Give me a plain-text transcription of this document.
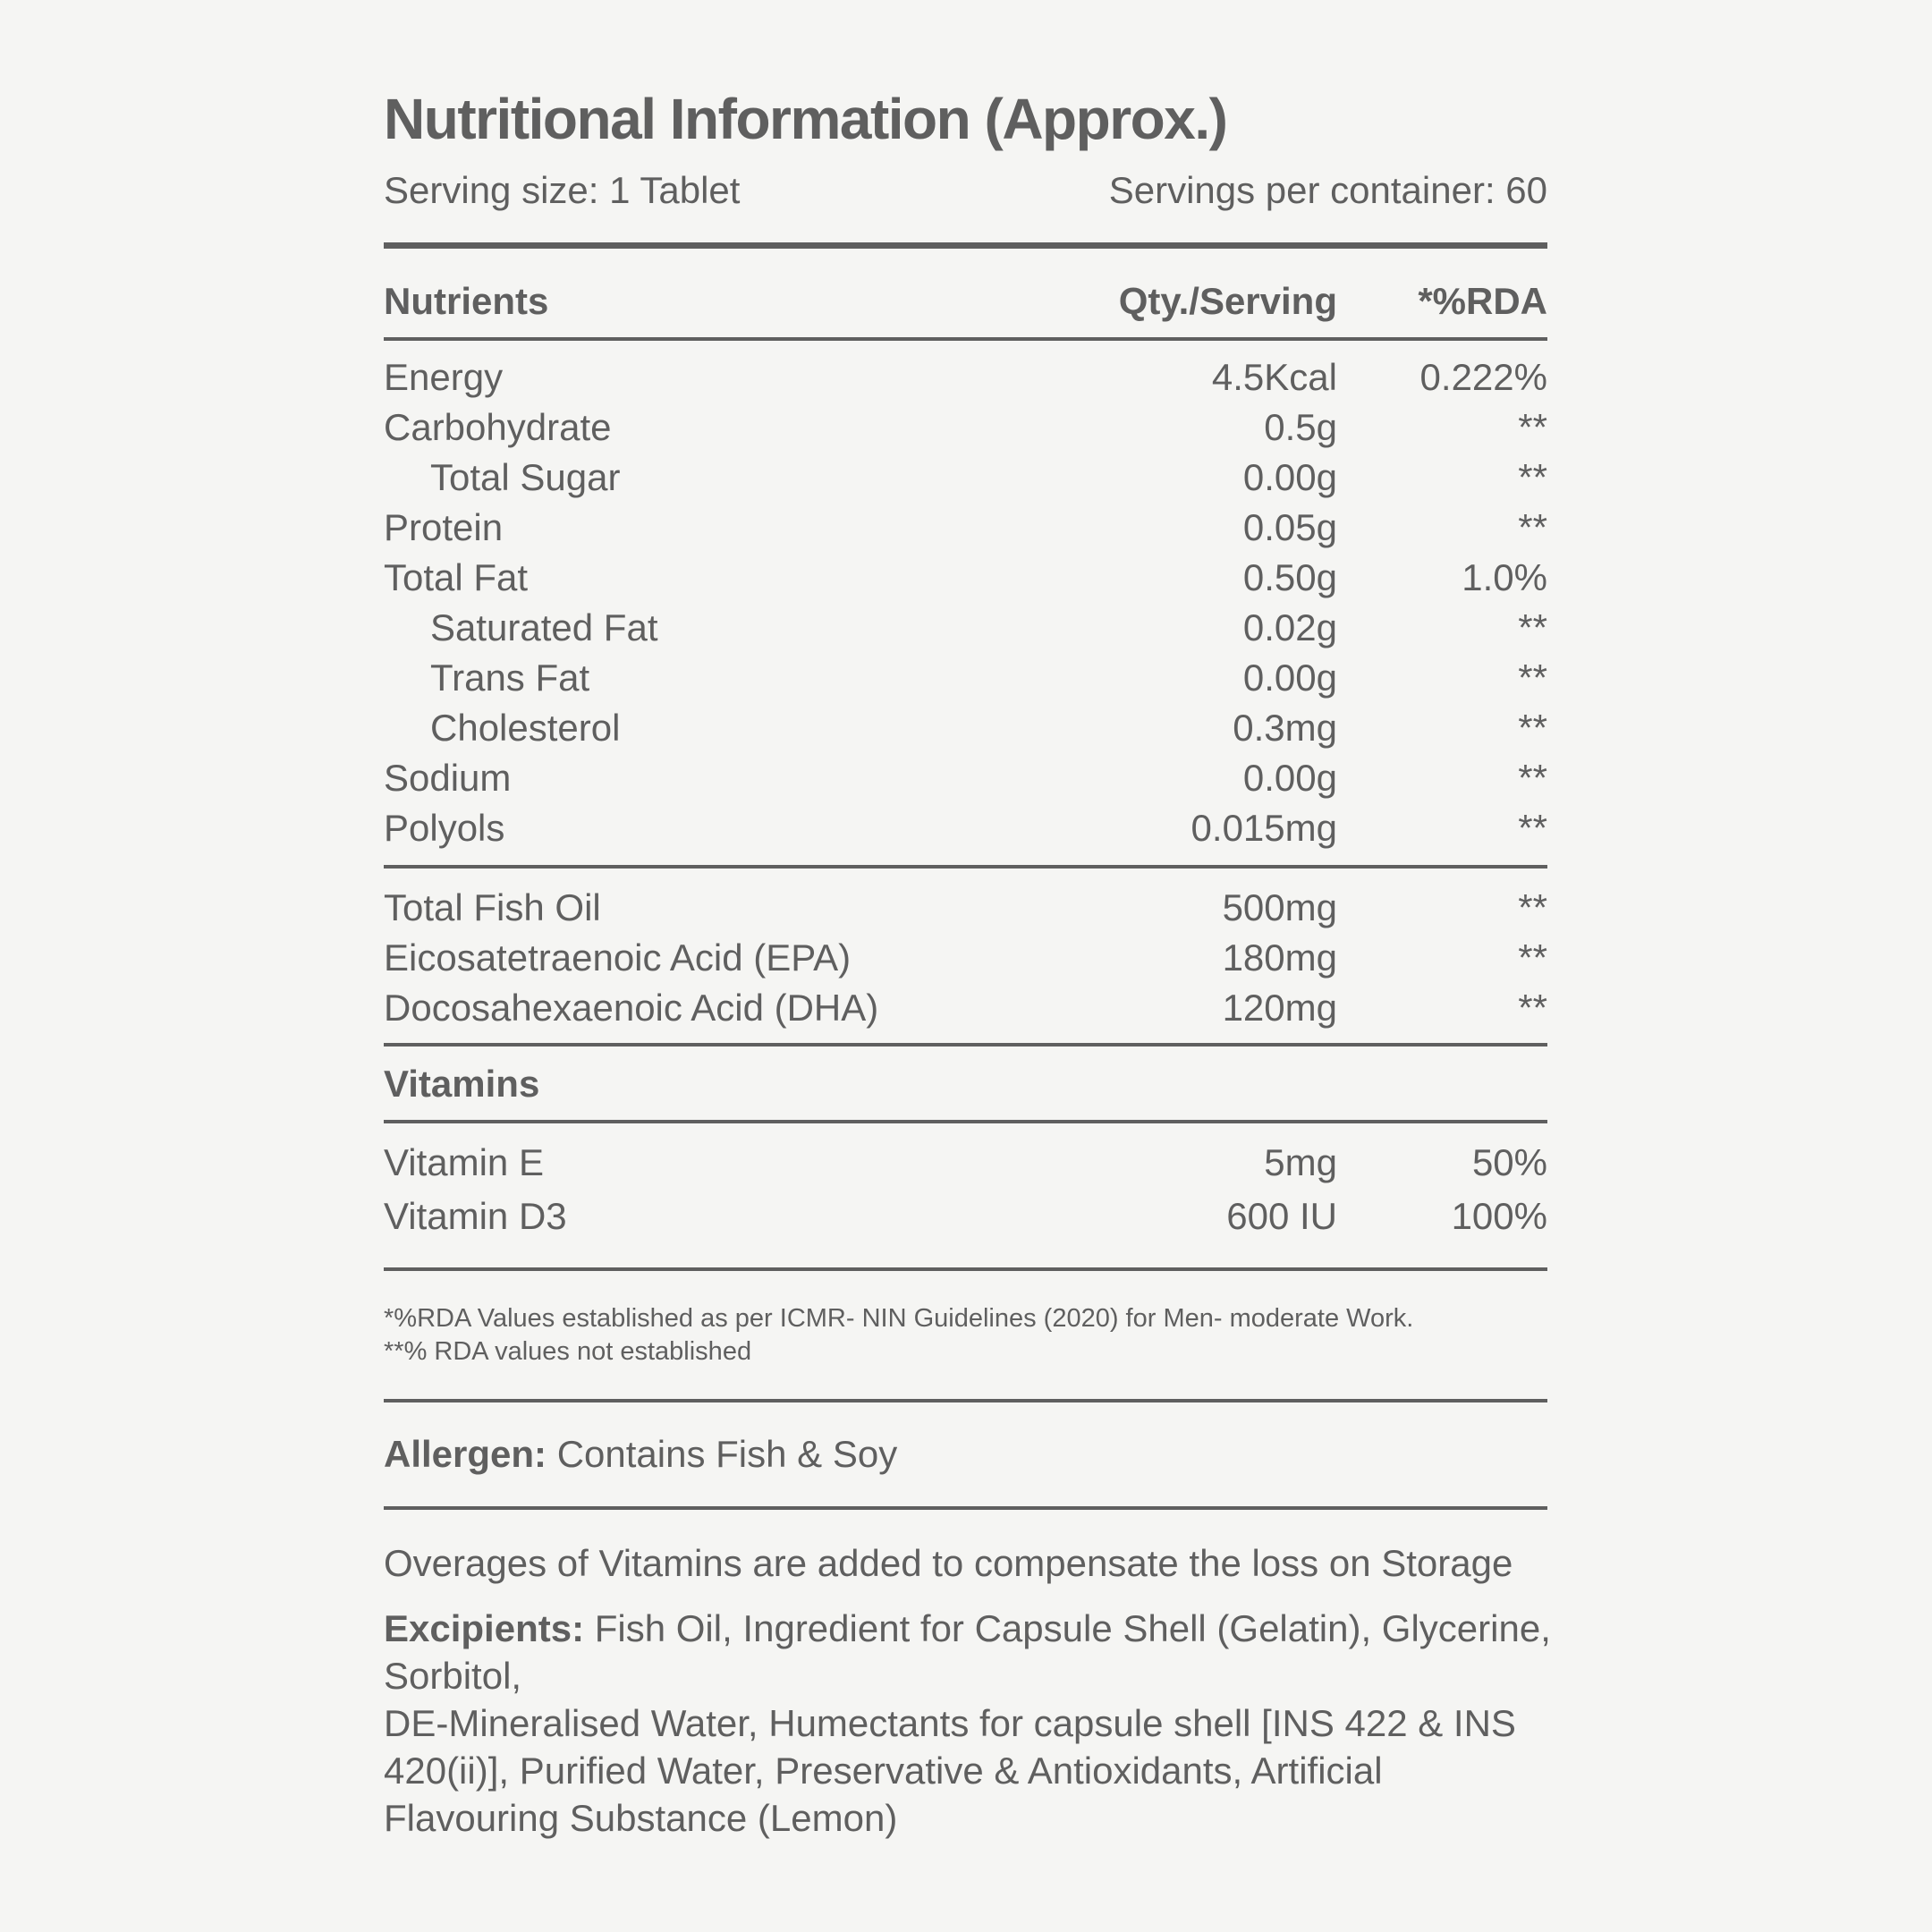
Nutritional Information (Approx.)
Serving size: 1 Tablet	Servings per container: 60
Nutrients	Qty./Serving *%RDA
Energy	4.5Kcal 0.222%
Carbohydrate	0.5g	**
Total Sugar	0.00g	**
Protein	0.05g	**
Total Fat	0.50g	1.0%
Saturated Fat	0.02g	**
Trans Fat	0.00g	**
Cholesterol	0.3mg	**
Sodium	0.00g	**
Polyols	0.015mg	**
Total Fish Oil	500mg	**
Eicosatetraenoic Acid (EPA)	180mg	**
Docosahexaenoic Acid (DHA)	120mg	**
Vitamins
Vitamin E	5mg	50%
Vitamin D3	600 IU	100%
*%RDA Values established as per ICMR- NIN Guidelines (2020) for Men- moderate Work.
**% RDA values not established
Allergen: Contains Fish & Soy
Overages of Vitamins are added to compensate the loss on Storage
Excipients: Fish Oil, Ingredient for Capsule Shell (Gelatin), Glycerine,
Sorbitol,
DE-Mineralised Water, Humectants for capsule shell [INS 422 & INS
420(ii)], Purified Water, Preservative & Antioxidants, Artificial
Flavouring Substance (Lemon)
